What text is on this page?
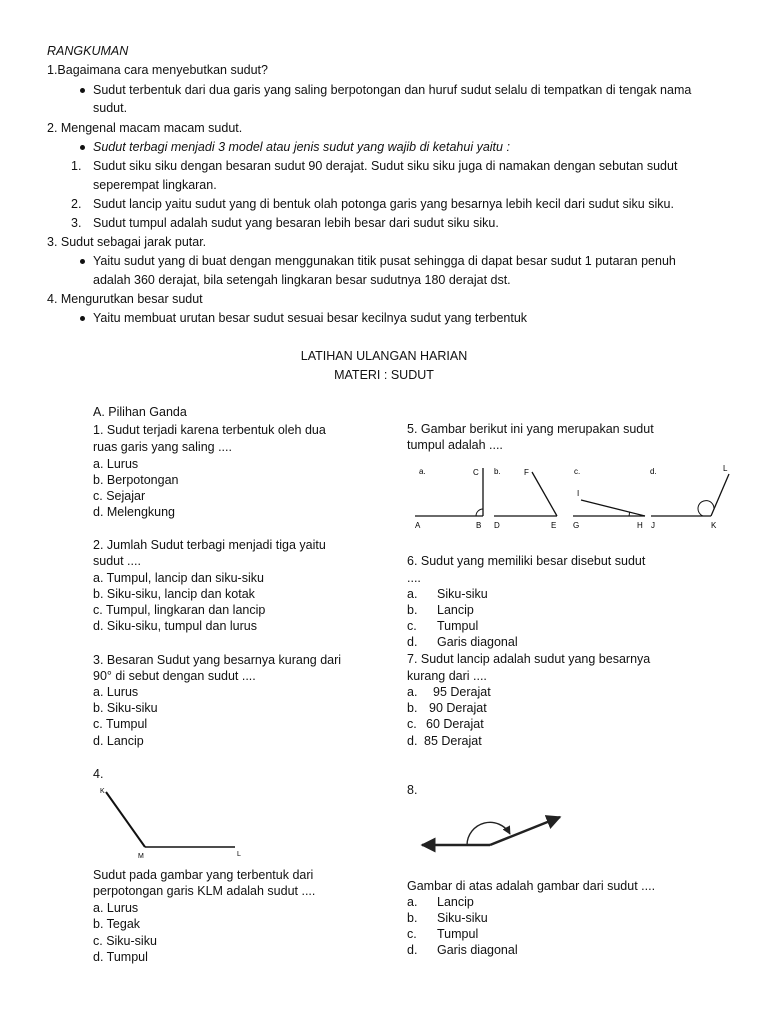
RANGKUMAN
1.Bagaimana cara menyebutkan sudut?
Sudut terbentuk dari dua garis yang saling berpotongan dan huruf sudut selalu di tempatkan di tengak nama
sudut.
2. Mengenal macam macam sudut.
Sudut terbagi menjadi 3 model atau jenis sudut yang wajib di ketahui yaitu :
1. Sudut siku siku dengan besaran sudut 90 derajat. Sudut siku siku juga di namakan dengan sebutan sudut
seperempat lingkaran.
2. Sudut lancip yaitu sudut yang di bentuk olah potonga garis yang besarnya lebih kecil dari sudut siku siku.
3. Sudut tumpul adalah sudut yang besaran lebih besar dari sudut siku siku.
3. Sudut sebagai jarak putar.
Yaitu sudut yang di buat dengan menggunakan titik pusat sehingga di dapat besar sudut 1 putaran penuh
adalah 360 derajat, bila setengah lingkaran besar sudutnya 180 derajat dst.
4. Mengurutkan besar sudut
Yaitu membuat urutan besar sudut sesuai besar kecilnya sudut yang terbentuk
LATIHAN ULANGAN HARIAN
MATERI : SUDUT
A. Pilihan Ganda
1. Sudut terjadi karena terbentuk oleh dua
ruas garis yang saling ....
a. Lurus
b. Berpotongan
c. Sejajar
d. Melengkung
2. Jumlah Sudut terbagi menjadi tiga yaitu
sudut ....
a. Tumpul, lancip dan siku-siku
b. Siku-siku, lancip dan kotak
c. Tumpul, lingkaran dan lancip
d. Siku-siku, tumpul dan lurus
3. Besaran Sudut yang besarnya kurang dari
90° di sebut dengan sudut ....
a. Lurus
b. Siku-siku
c. Tumpul
d. Lancip
4.
K
M	L
Sudut pada gambar yang terbentuk dari
perpotongan garis KLM adalah sudut ....
a. Lurus
b. Tegak
c. Siku-siku
d. Tumpul
5. Gambar berikut ini yang merupakan sudut
tumpul adalah ....
a.
A	B
C b.
D	E
F	c.
G	H
I
d.
J	K
L
6. Sudut yang memiliki besar disebut sudut
....
a. Siku-siku
b. Lancip
c. Tumpul
d. Garis diagonal
7. Sudut lancip adalah sudut yang besarnya
kurang dari ....
a. 95 Derajat
b. 90 Derajat
c. 60 Derajat
d. 85 Derajat
8.
Gambar di atas adalah gambar dari sudut ....
a. Lancip
b. Siku-siku
c. Tumpul
d. Garis diagonal
